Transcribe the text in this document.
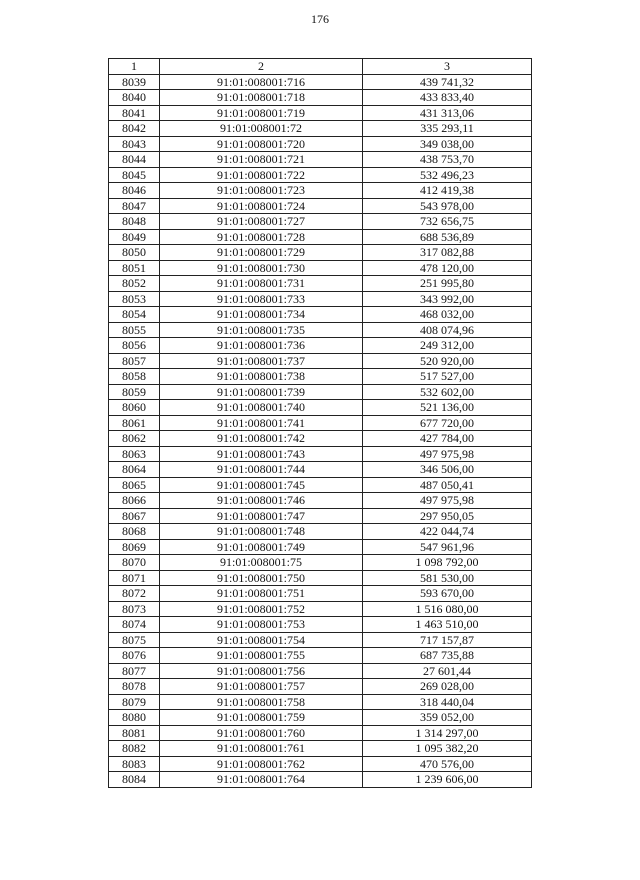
176
1	2	3
8039	91:01:008001:716	439 741,32
8040	91:01:008001:718	433 833,40
8041	91:01:008001:719	431 313,06
8042	91:01:008001:72	335 293,11
8043	91:01:008001:720	349 038,00
8044	91:01:008001:721	438 753,70
8045	91:01:008001:722	532 496,23
8046	91:01:008001:723	412 419,38
8047	91:01:008001:724	543 978,00
8048	91:01:008001:727	732 656,75
8049	91:01:008001:728	688 536,89
8050	91:01:008001:729	317 082,88
8051	91:01:008001:730	478 120,00
8052	91:01:008001:731	251 995,80
8053	91:01:008001:733	343 992,00
8054	91:01:008001:734	468 032,00
8055	91:01:008001:735	408 074,96
8056	91:01:008001:736	249 312,00
8057	91:01:008001:737	520 920,00
8058	91:01:008001:738	517 527,00
8059	91:01:008001:739	532 602,00
8060	91:01:008001:740	521 136,00
8061	91:01:008001:741	677 720,00
8062	91:01:008001:742	427 784,00
8063	91:01:008001:743	497 975,98
8064	91:01:008001:744	346 506,00
8065	91:01:008001:745	487 050,41
8066	91:01:008001:746	497 975,98
8067	91:01:008001:747	297 950,05
8068	91:01:008001:748	422 044,74
8069	91:01:008001:749	547 961,96
8070	91:01:008001:75	1 098 792,00
8071	91:01:008001:750	581 530,00
8072	91:01:008001:751	593 670,00
8073	91:01:008001:752	1 516 080,00
8074	91:01:008001:753	1 463 510,00
8075	91:01:008001:754	717 157,87
8076	91:01:008001:755	687 735,88
8077	91:01:008001:756	27 601,44
8078	91:01:008001:757	269 028,00
8079	91:01:008001:758	318 440,04
8080	91:01:008001:759	359 052,00
8081	91:01:008001:760	1 314 297,00
8082	91:01:008001:761	1 095 382,20
8083	91:01:008001:762	470 576,00
8084	91:01:008001:764	1 239 606,00
